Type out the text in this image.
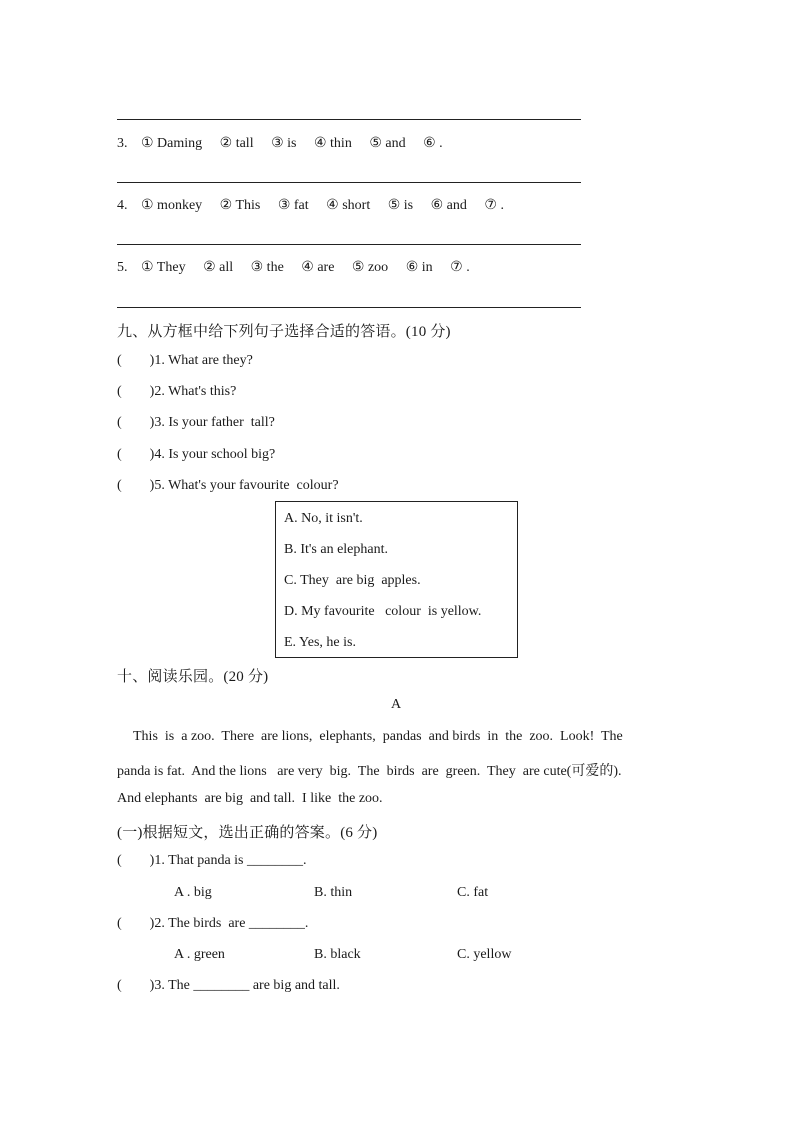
3. ① Daming ② tall ③ is ④ thin ⑤ and ⑥ .
4. ① monkey ② This ③ fat ④ short ⑤ is ⑥ and ⑦ .
5. ① They ② all ③ the ④ are ⑤ zoo ⑥ in ⑦ .
九、从方框中给下列句子选择合适的答语。(10 分)
(        )1. What are they?
(        )2. What's this?
(        )3. Is your father  tall?
(        )4. Is your school big?
(        )5. What's your favourite  colour?
A. No, it isn't.
B. It's an elephant.
C. They  are big  apples.
D. My favourite   colour  is yellow.
E. Yes, he is.
十、阅读乐园。(20 分)
A
This  is  a zoo.  There  are lions,  elephants,  pandas  and birds  in  the  zoo.  Look!  The
panda is fat.  And the lions   are very  big.  The  birds  are  green.  They  are cute(可爱的).
And elephants  are big  and tall.  I like  the zoo.
(一)根据短文，选出正确的答案。(6 分)
(        )1. That panda is ________.
A . big	B. thin	C. fat
(        )2. The birds  are ________.
A . green	B. black	C. yellow
(        )3. The ________ are big and tall.
